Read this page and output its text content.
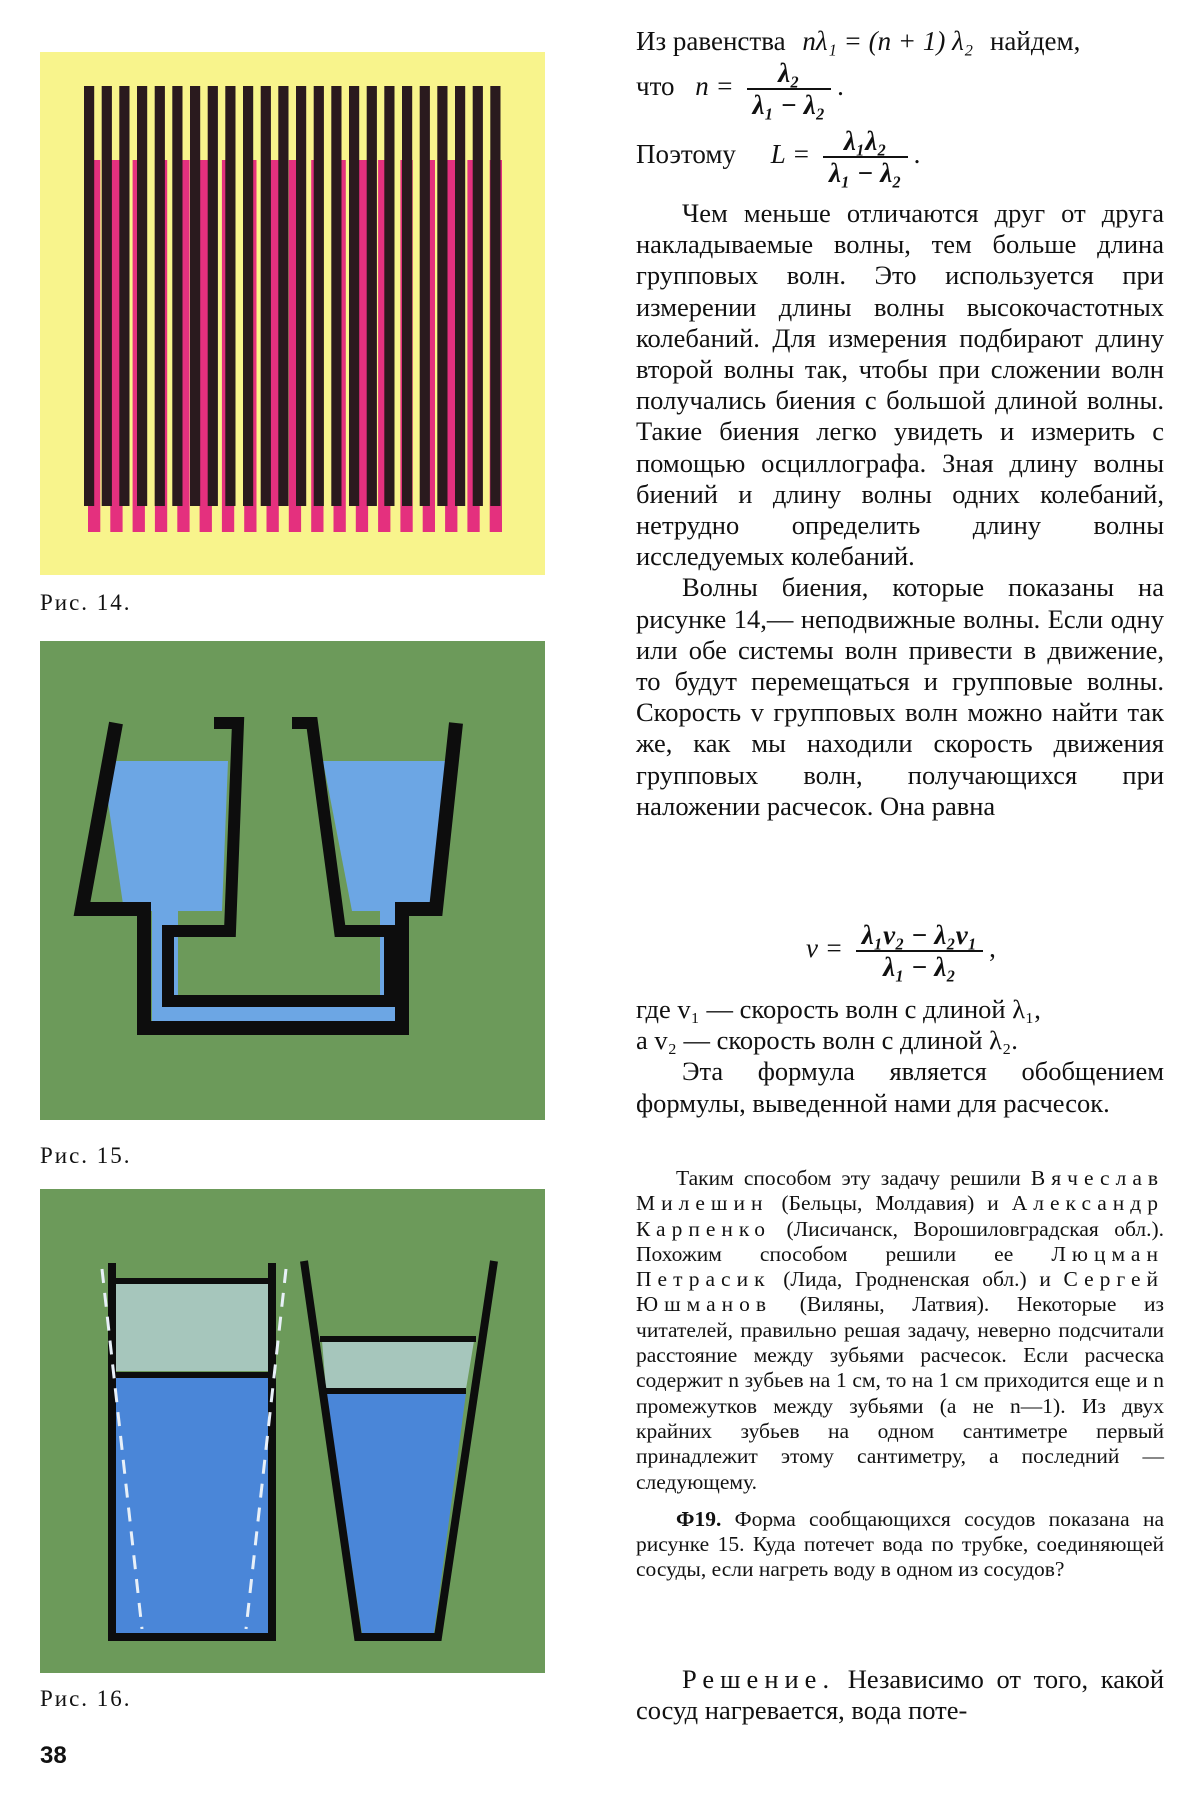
Рис. 14.
Рис. 15.
Рис. 16.
38
Из равенства nλ₁ = (n + 1) λ₂ найдем,
что $n = \frac{\text{λ₂}}{\text{λ₁ − λ₂}}$ .
Поэтому $L = \frac{\text{λ₁λ₂}}{\text{λ₁ − λ₂}}$ .

Чем меньше отличаются друг от друга накладываемые волны, тем больше длина групповых волн. Это используется при измерении длины волны высокочастотных колебаний. Для измерения подбирают длину второй волны так, чтобы при сложении волн получались биения с большой длиной волны. Такие биения легко увидеть и измерить с помощью осциллографа. Зная длину волны биений и длину волны одних колебаний, нетрудно определить длину волны исследуемых колебаний.

Волны биения, которые показаны на рисунке 14,— неподвижные волны. Если одну или обе системы волн привести в движение, то будут перемещаться и групповые волны. Скорость v групповых волн можно найти так же, как мы находили скорость движения групповых волн, получающихся при наложении расчесок. Она равна

$v = \frac{\text{λ₁v₂ − λ₂v₁}}{\text{λ₁ − λ₂}}$ ,

где v₁ — скорость волн с длиной λ₁,

а v₂ — скорость волн с длиной λ₂.

Эта формула является обобщением формулы, выведенной нами для расчесок.

Таким способом эту задачу решили Вячеслав Милешин (Бельцы, Молдавия) и Александр Карпенко (Лисичанск, Ворошиловградская обл.). Похожим способом решили ее Люцман Петрасик (Лида, Гродненская обл.) и Сергей Юшманов (Виляны, Латвия). Некоторые из читателей, правильно решая задачу, неверно подсчитали расстояние между зубьями расчесок. Если расческа содержит n зубьев на 1 см, то на 1 см приходится еще и n промежутков между зубьями (а не n—1). Из двух крайних зубьев на одном сантиметре первый принадлежит этому сантиметру, а последний — следующему.

Ф19. Форма сообщающихся сосудов показана на рисунке 15. Куда потечет вода по трубке, соединяющей сосуды, если нагреть воду в одном из сосудов?

Решение. Независимо от того, какой сосуд нагревается, вода поте-
